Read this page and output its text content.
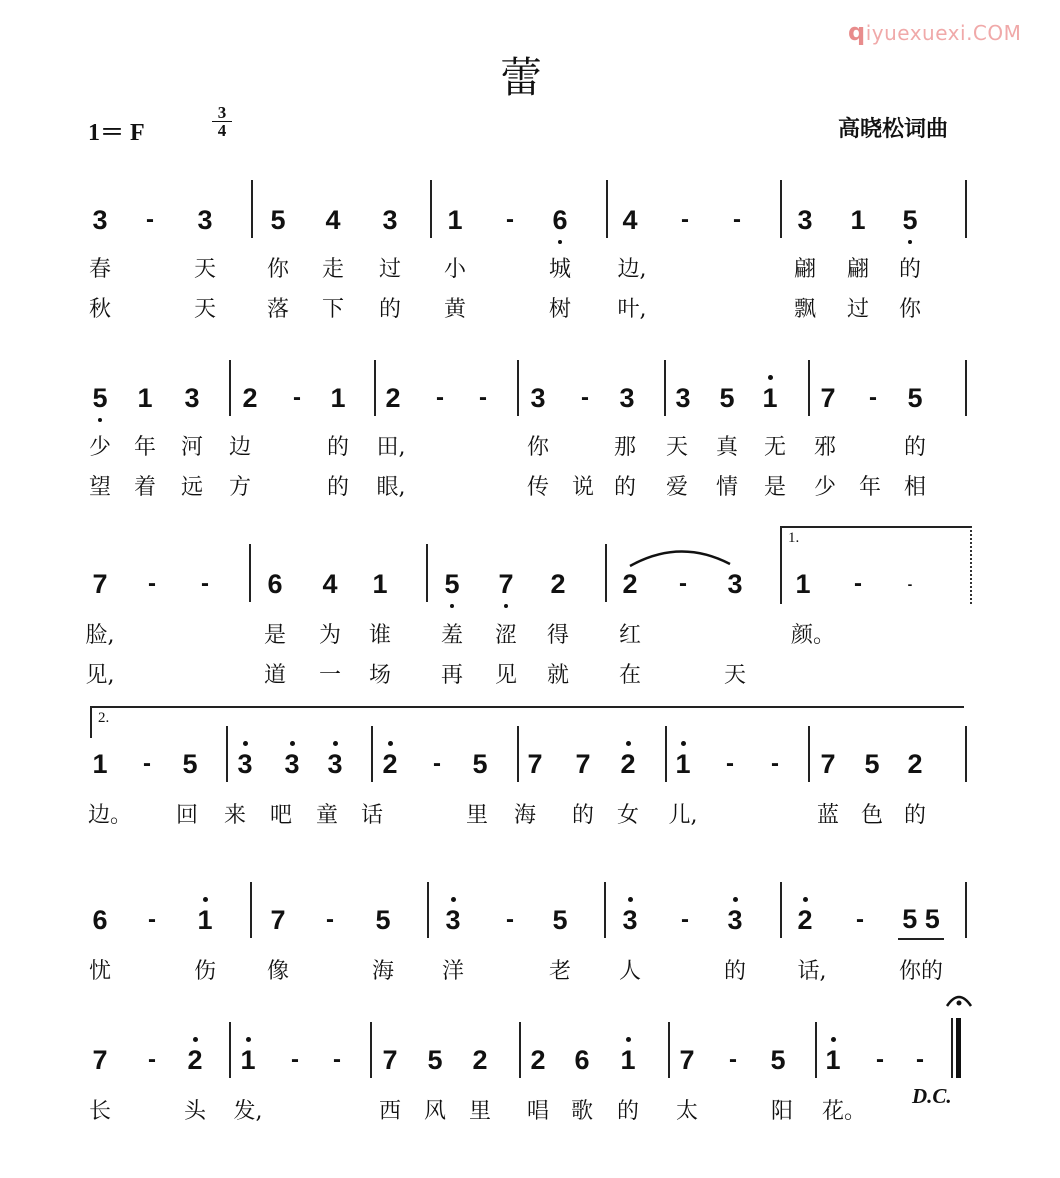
qiyuexuexi.COM
蕾
1＝ F
3
4	高晓松词曲
3	-	3 5 4 3 1	-	6 4	-	-	3 1 5
春	天 你 走 过 小	城 边,	翩 翩 的
秋	天 落 下 的 黄	树 叶,	飘 过 你
5 1 3 2	-	1 2	-	-	3	-	3 3 5 1 7	-	5
少 年 河 边	的 田,	你	那 天 真 无 邪	的
望 着 远 方	的 眼,	传 说 的 爱 情 是 少 年 相
1.
7	-	-	6 4 1 5 7 2 2	-	3 1	-	-
脸,	是 为 谁 羞 涩 得 红	颜。
见,	道 一 场 再 见 就 在	天
2.
1	-	5 3 3 3 2	-	5 7 7 2 1	-	-	7 5 2
边。 回 来 吧 童 话	里 海 的 女 儿,	蓝 色 的
6	-	1 7	-	5 3	-	5 3	-	3 2	-	5 5
忧	伤 像	海 洋	老 人	的 话,	你的
7	-	2 1	-	-	7 5 2 2 6 1 7	-	5 1	-	-
D.C.
长	头 发,	西 风 里 唱 歌 的 太	阳 花。
